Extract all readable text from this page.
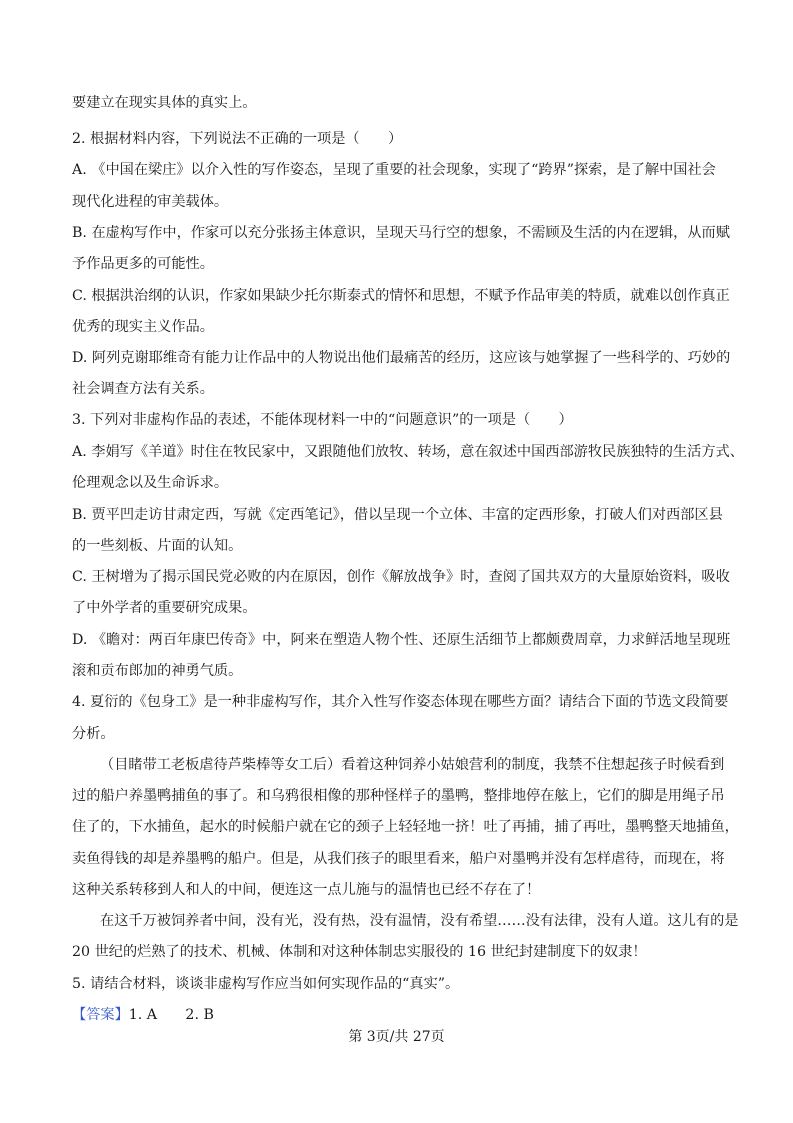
要建立在现实具体的真实上。
2. 根据材料内容，下列说法不正确的一项是（　　）
A. 《中国在梁庄》以介入性的写作姿态，呈现了重要的社会现象，实现了“跨界”探索，是了解中国社会
现代化进程的审美载体。
B. 在虚构写作中，作家可以充分张扬主体意识，呈现天马行空的想象，不需顾及生活的内在逻辑，从而赋
予作品更多的可能性。
C. 根据洪治纲的认识，作家如果缺少托尔斯泰式的情怀和思想，不赋予作品审美的特质，就难以创作真正
优秀的现实主义作品。
D. 阿列克谢耶维奇有能力让作品中的人物说出他们最痛苦的经历，这应该与她掌握了一些科学的、巧妙的
社会调查方法有关系。
3. 下列对非虚构作品的表述，不能体现材料一中的“问题意识”的一项是（　　）
A. 李娟写《羊道》时住在牧民家中，又跟随他们放牧、转场，意在叙述中国西部游牧民族独特的生活方式、
伦理观念以及生命诉求。
B. 贾平凹走访甘肃定西，写就《定西笔记》，借以呈现一个立体、丰富的定西形象，打破人们对西部区县
的一些刻板、片面的认知。
C. 王树增为了揭示国民党必败的内在原因，创作《解放战争》时，查阅了国共双方的大量原始资料，吸收
了中外学者的重要研究成果。
D. 《瞻对：两百年康巴传奇》中，阿来在塑造人物个性、还原生活细节上都颇费周章，力求鲜活地呈现班
滚和贡布郎加的神勇气质。
4. 夏衍的《包身工》是一种非虚构写作，其介入性写作姿态体现在哪些方面？请结合下面的节选文段简要
分析。
（目睹带工老板虐待芦柴棒等女工后）看着这种饲养小姑娘营利的制度，我禁不住想起孩子时候看到
过的船户养墨鸭捕鱼的事了。和乌鸦很相像的那种怪样子的墨鸭，整排地停在舷上，它们的脚是用绳子吊
住了的，下水捕鱼，起水的时候船户就在它的颈子上轻轻地一挤！吐了再捕，捕了再吐，墨鸭整天地捕鱼，
卖鱼得钱的却是养墨鸭的船户。但是，从我们孩子的眼里看来，船户对墨鸭并没有怎样虐待，而现在，将
这种关系转移到人和人的中间，便连这一点儿施与的温情也已经不存在了！
在这千万被饲养者中间，没有光，没有热，没有温情，没有希望……没有法律，没有人道。这儿有的是
20 世纪的烂熟了的技术、机械、体制和对这种体制忠实服役的 16 世纪封建制度下的奴隶！
5. 请结合材料，谈谈非虚构写作应当如何实现作品的“真实”。
【答案】1. A　　2. B
第 3页/共 27页
